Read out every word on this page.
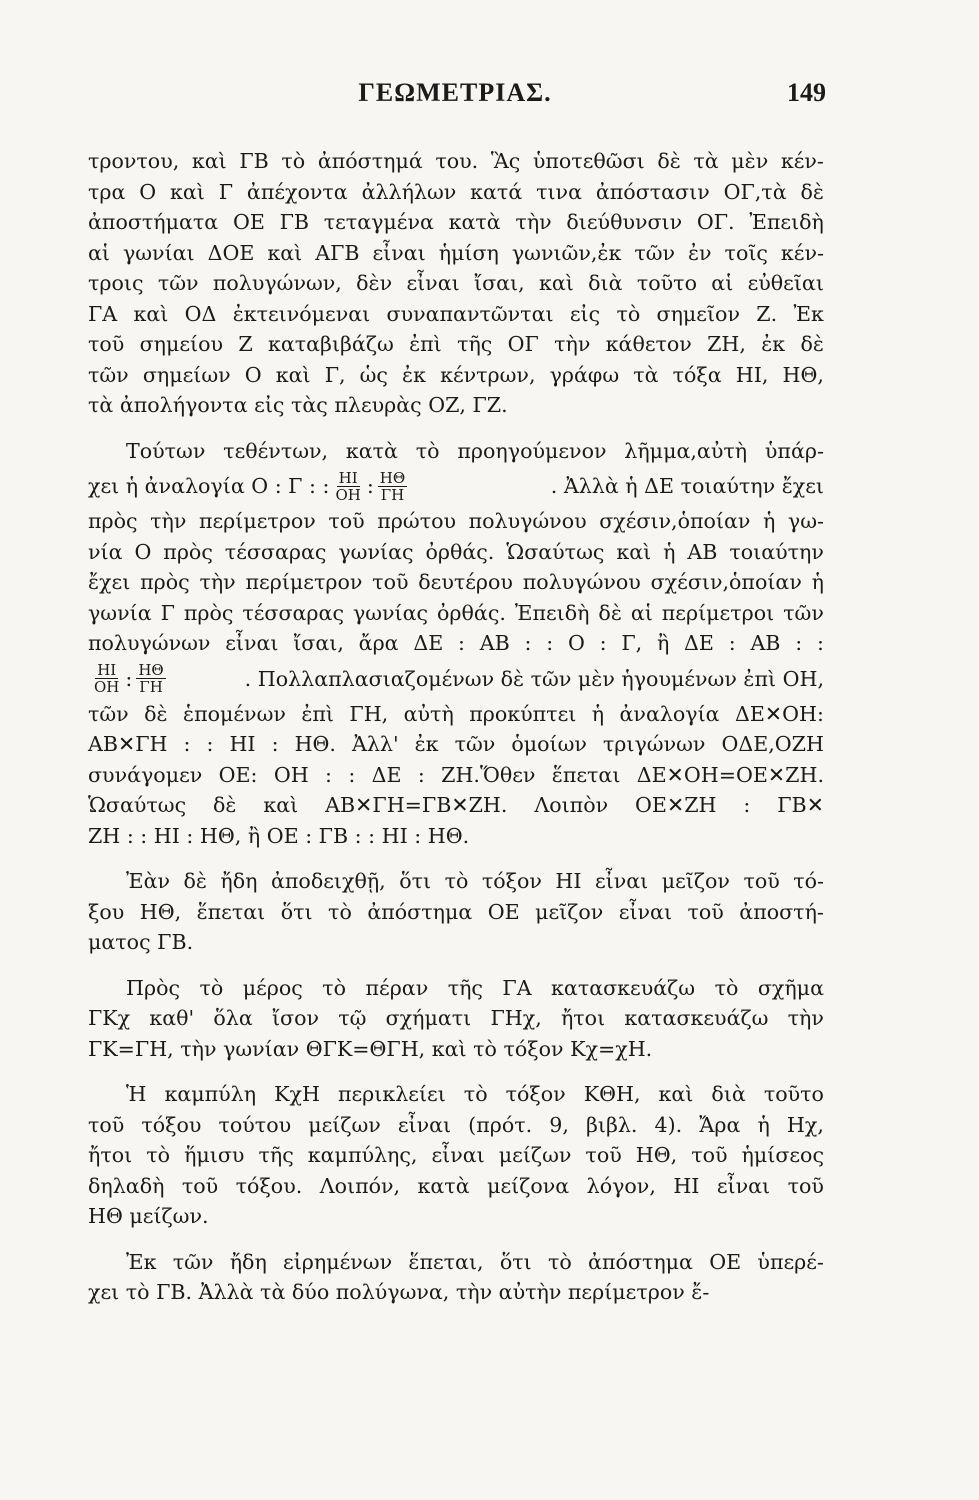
ΓΕΩΜΕΤΡΙΑΣ.	149
τροντου, καὶ ΓΒ τὸ ἀπόστημά του. Ἃς ὑποτεθῶσι δὲ τὰ μὲν κέν-
τρα Ο καὶ Γ ἀπέχοντα ἀλλήλων κατά τινα ἀπόστασιν ΟΓ,τὰ δὲ
ἀποστήματα ΟΕ ΓΒ τεταγμένα κατὰ τὴν διεύθυνσιν ΟΓ. Ἐπειδὴ
αἱ γωνίαι ΔΟΕ καὶ ΑΓΒ εἶναι ἡμίση γωνιῶν,ἐκ τῶν ἐν τοῖς κέν-
τροις τῶν πολυγώνων, δὲν εἶναι ἴσαι, καὶ διὰ τοῦτο αἱ εὐθεῖαι
ΓΑ καὶ ΟΔ ἐκτεινόμεναι συναπαντῶνται εἰς τὸ σημεῖον Ζ. Ἐκ
τοῦ σημείου Ζ καταβιβάζω ἐπὶ τῆς ΟΓ τὴν κάθετον ΖΗ, ἐκ δὲ
τῶν σημείων Ο καὶ Γ, ὡς ἐκ κέντρων, γράφω τὰ τόξα ΗΙ, ΗΘ,
τὰ ἀπολήγοντα εἰς τὰς πλευρὰς ΟΖ, ΓΖ.
Τούτων τεθέντων, κατὰ τὸ προηγούμενον λῆμμα,αὐτὴ ὑπάρ-
χει ἡ ἀναλογία Ο : Γ : : $\frac{HI}{OH}$ : $\frac{H\Theta}{\Gamma H}$	. Ἀλλὰ ἡ ΔΕ τοιαύτην ἔχει
πρὸς τὴν περίμετρον τοῦ πρώτου πολυγώνου σχέσιν,ὁποίαν ἡ γω-
νία Ο πρὸς τέσσαρας γωνίας ὀρθάς. Ὡσαύτως καὶ ἡ ΑΒ τοιαύτην
ἔχει πρὸς τὴν περίμετρον τοῦ δευτέρου πολυγώνου σχέσιν,ὁποίαν ἡ
γωνία Γ πρὸς τέσσαρας γωνίας ὀρθάς. Ἐπειδὴ δὲ αἱ περίμετροι τῶν
πολυγώνων εἶναι ἴσαι, ἄρα ΔΕ : ΑΒ : : Ο : Γ, ἢ ΔΕ : ΑΒ : :
$\frac{HI}{OH}$ : $\frac{H\Theta}{\Gamma H}$	. Πολλαπλασιαζομένων δὲ τῶν μὲν ἡγουμένων ἐπὶ ΟΗ,
τῶν δὲ ἑπομένων ἐπὶ ΓΗ, αὐτὴ προκύπτει ἡ ἀναλογία ΔΕ✕ΟΗ:
ΑΒ✕ΓΗ : : ΗΙ : ΗΘ. Ἀλλ' ἐκ τῶν ὁμοίων τριγώνων ΟΔΕ,ΟΖΗ
συνάγομεν ΟΕ: ΟΗ : : ΔΕ : ΖΗ.Ὅθεν ἕπεται ΔΕ✕ΟΗ=ΟΕ✕ΖΗ.
Ὡσαύτως δὲ καὶ ΑΒ✕ΓΗ=ΓΒ✕ΖΗ. Λοιπὸν ΟΕ✕ΖΗ : ΓΒ✕
ΖΗ : : ΗΙ : ΗΘ, ἢ ΟΕ : ΓΒ : : ΗΙ : ΗΘ.
Ἐὰν δὲ ἤδη ἀποδειχθῇ, ὅτι τὸ τόξον ΗΙ εἶναι μεῖζον τοῦ τό-
ξου ΗΘ, ἕπεται ὅτι τὸ ἀπόστημα ΟΕ μεῖζον εἶναι τοῦ ἀποστή-
ματος ΓΒ.
Πρὸς τὸ μέρος τὸ πέραν τῆς ΓΑ κατασκευάζω τὸ σχῆμα
ΓΚχ καθ' ὅλα ἴσον τῷ σχήματι ΓΗχ, ἤτοι κατασκευάζω τὴν
ΓΚ=ΓΗ, τὴν γωνίαν ΘΓΚ=ΘΓΗ, καὶ τὸ τόξον Κχ=χΗ.
Ἡ καμπύλη ΚχΗ περικλείει τὸ τόξον ΚΘΗ, καὶ διὰ τοῦτο
τοῦ τόξου τούτου μείζων εἶναι (πρότ. 9, βιβλ. 4). Ἄρα ἡ Ηχ,
ἤτοι τὸ ἥμισυ τῆς καμπύλης, εἶναι μείζων τοῦ ΗΘ, τοῦ ἡμίσεος
δηλαδὴ τοῦ τόξου. Λοιπόν, κατὰ μείζονα λόγον, ΗΙ εἶναι τοῦ
ΗΘ μείζων.
Ἐκ τῶν ἤδη εἰρημένων ἕπεται, ὅτι τὸ ἀπόστημα ΟΕ ὑπερέ-
χει τὸ ΓΒ. Ἀλλὰ τὰ δύο πολύγωνα, τὴν αὐτὴν περίμετρον ἔ-
